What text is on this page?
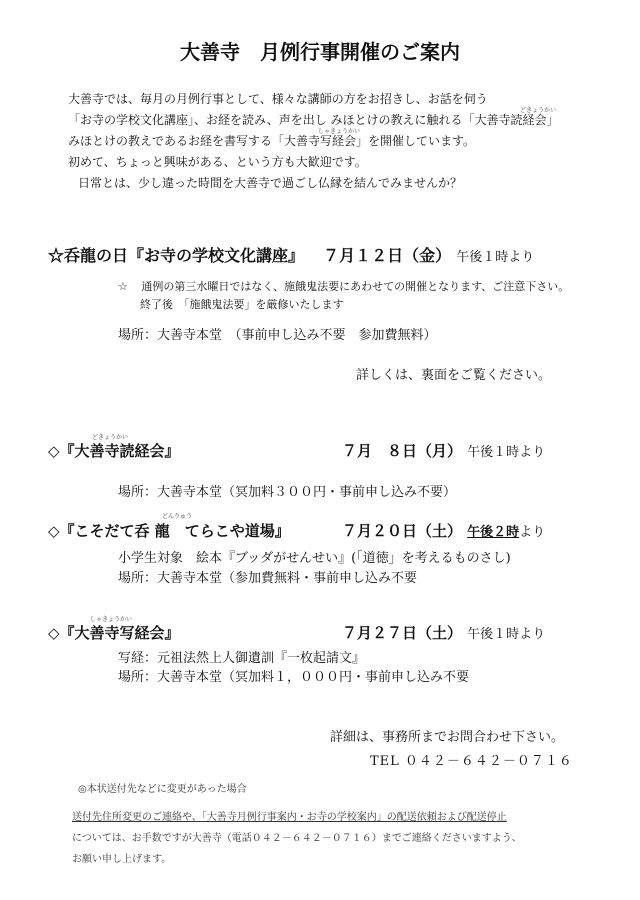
大善寺　月例行事開催のご案内
大善寺では、毎月の月例行事として、様々な講師の方をお招きし、お話を伺う
「お寺の学校文化講座」、お経を読み、声を出し みほとけの教えに触れる「大善寺読経会」
どきょうかい
みほとけの教えであるお経を書写する「大善寺写経会」を開催しています。
しゃきょうかい
初めて、ちょっと興味がある、という方も大歓迎です。
日常とは、少し違った時間を大善寺で過ごし仏縁を結んでみませんか？
☆呑龍の日『お寺の学校文化講座』 ７月１２日（金） 午後１時より
☆ 通例の第三水曜日ではなく、施餓鬼法要にあわせての開催となります、ご注意下さい。
終了後　「施餓鬼法要」を厳修いたします
場所：大善寺本堂　（事前申し込み不要　参加費無料）
詳しくは、裏面をご覧ください。
どきょうかい
◇『大善寺読経会』	７月　８日（月） 午後１時より
場所：大善寺本堂（冥加料３００円・事前申し込み不要）
どんりゅう
◇『こそだて呑 龍　てらこや道場』	７月２０日（土） 午後２時より
小学生対象　絵本『ブッダがせんせい』(「道徳」を考えるものさし)
場所：大善寺本堂（参加費無料・事前申し込み不要
しゃきょうかい
◇『大善寺写経会』	７月２７日（土） 午後１時より
写経：元祖法然上人御遺訓『一枚起請文』
場所：大善寺本堂（冥加料１，０００円・事前申し込み不要
詳細は、事務所までお問合わせ下さい。
TEL ０４２－６４２－０７１６
◎本状送付先などに変更があった場合
送付先住所変更のご連絡や、「大善寺月例行事案内・お寺の学校案内」の配送依頼および配送停止
については、お手数ですが大善寺（電話０４２－６４２－０７１６）までご連絡くださいますよう、
お願い申し上げます。
